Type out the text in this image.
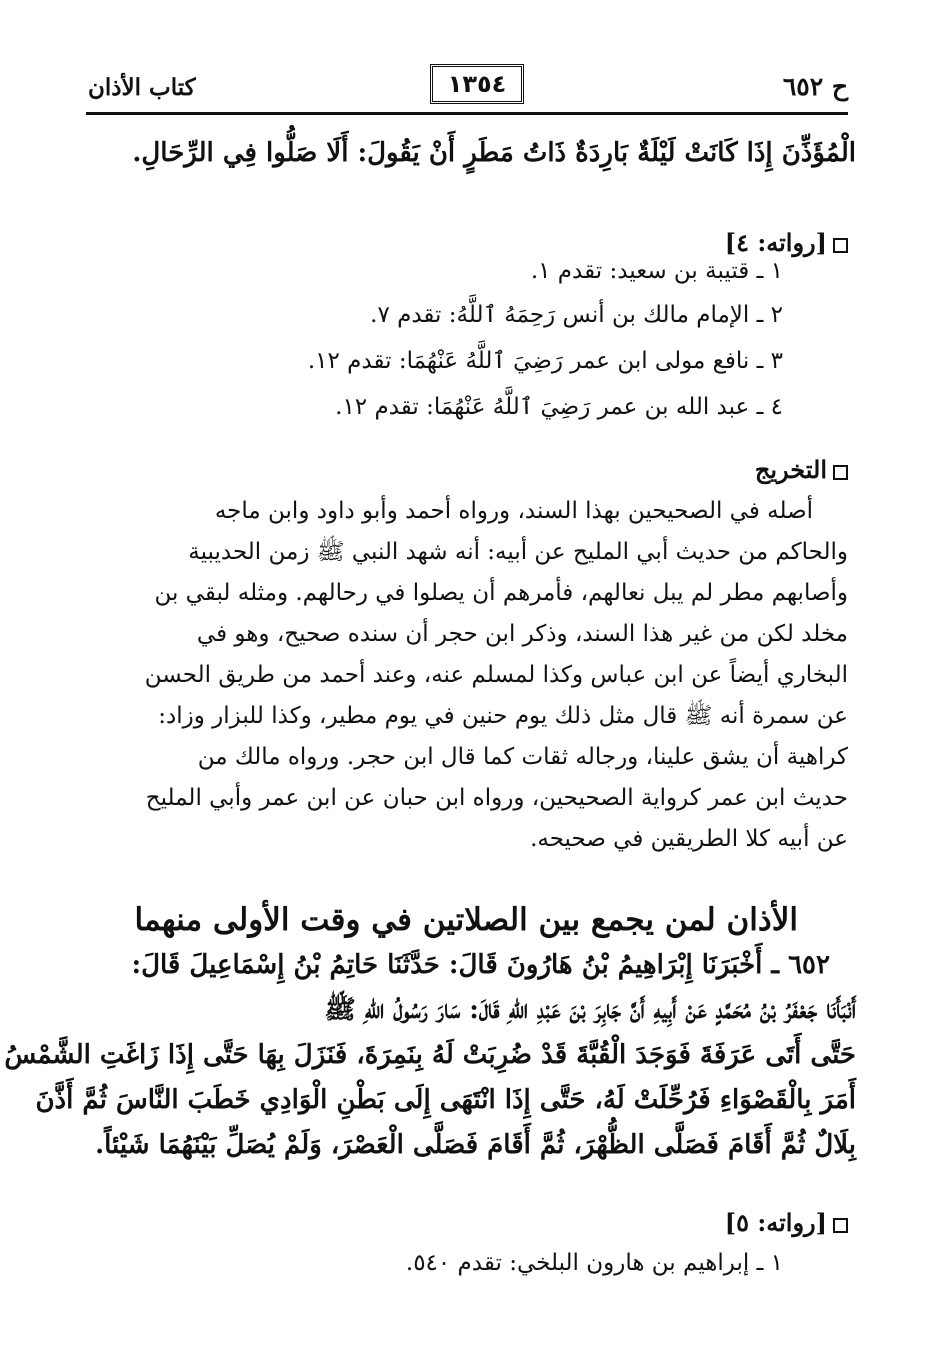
ح ٦٥٢
١٣٥٤
كتاب الأذان
الْمُؤَذِّنَ إِذَا كَانَتْ لَيْلَةٌ بَارِدَةٌ ذَاتُ مَطَرٍ أَنْ يَقُولَ: أَلَا صَلُّوا فِي الرِّحَالِ.
[رواته: ٤]
١ ـ قتيبة بن سعيد: تقدم ١.
٢ ـ الإمام مالك بن أنس رَحِمَهُ ٱللَّهُ: تقدم ٧.
٣ ـ نافع مولى ابن عمر رَضِيَ ٱللَّهُ عَنْهُمَا: تقدم ١٢.
٤ ـ عبد الله بن عمر رَضِيَ ٱللَّهُ عَنْهُمَا: تقدم ١٢.
التخريج
أصله في الصحيحين بهذا السند، ورواه أحمد وأبو داود وابن ماجه
والحاكم من حديث أبي المليح عن أبيه: أنه شهد النبي ﷺ زمن الحديبية
وأصابهم مطر لم يبل نعالهم، فأمرهم أن يصلوا في رحالهم. ومثله لبقي بن
مخلد لكن من غير هذا السند، وذكر ابن حجر أن سنده صحيح، وهو في
البخاري أيضاً عن ابن عباس وكذا لمسلم عنه، وعند أحمد من طريق الحسن
عن سمرة أنه ﷺ قال مثل ذلك يوم حنين في يوم مطير، وكذا للبزار وزاد:
كراهية أن يشق علينا، ورجاله ثقات كما قال ابن حجر. ورواه مالك من
حديث ابن عمر كرواية الصحيحين، ورواه ابن حبان عن ابن عمر وأبي المليح
عن أبيه كلا الطريقين في صحيحه.
الأذان لمن يجمع بين الصلاتين في وقت الأولى منهما
٦٥٢ ـ أَخْبَرَنَا إِبْرَاهِيمُ بْنُ هَارُونَ قَالَ: حَدَّثَنَا حَاتِمُ بْنُ إِسْمَاعِيلَ قَالَ:
أَنْبَأَنَا جَعْفَرُ بْنُ مُحَمَّدٍ عَنْ أَبِيهِ أَنَّ جَابِرَ بْنَ عَبْدِ اللهِ قَالَ: سَارَ رَسُولُ اللهِ ﷺ
حَتَّى أَتَى عَرَفَةَ فَوَجَدَ الْقُبَّةَ قَدْ ضُرِبَتْ لَهُ بِنَمِرَةَ، فَنَزَلَ بِهَا حَتَّى إِذَا زَاغَتِ الشَّمْسُ
أَمَرَ بِالْقَصْوَاءِ فَرُحِّلَتْ لَهُ، حَتَّى إِذَا انْتَهَى إِلَى بَطْنِ الْوَادِي خَطَبَ النَّاسَ ثُمَّ أَذَّنَ
بِلَالٌ ثُمَّ أَقَامَ فَصَلَّى الظُّهْرَ، ثُمَّ أَقَامَ فَصَلَّى الْعَصْرَ، وَلَمْ يُصَلِّ بَيْنَهُمَا شَيْئاً.
[رواته: ٥]
١ ـ إبراهيم بن هارون البلخي: تقدم ٥٤٠.
